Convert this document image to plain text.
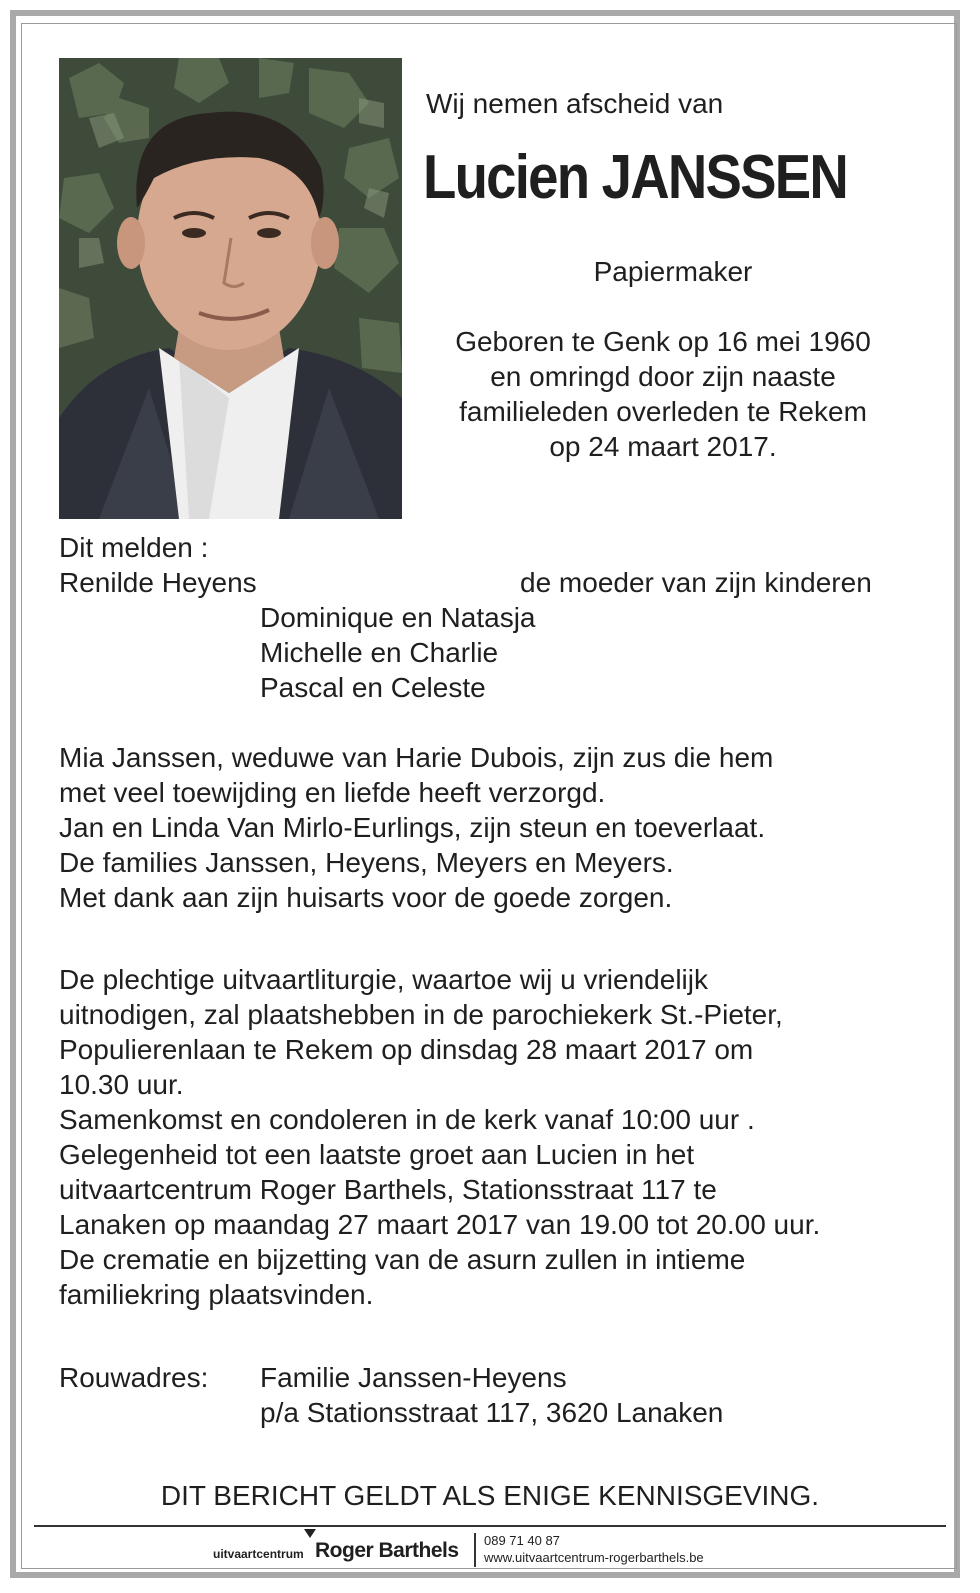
Wij nemen afscheid van
Lucien JANSSEN
Papiermaker
Geboren te Genk op 16 mei 1960
en omringd door zijn naaste
familieleden overleden te Rekem
op 24 maart 2017.
Dit melden :
Renilde Heyens	de moeder van zijn kinderen
Dominique en Natasja
Michelle en Charlie
Pascal en Celeste
Mia Janssen, weduwe van Harie Dubois, zijn zus die hem
met veel toewijding en liefde heeft verzorgd.
Jan en Linda Van Mirlo-Eurlings, zijn steun en toeverlaat.
De families Janssen, Heyens, Meyers en Meyers.
Met dank aan zijn huisarts voor de goede zorgen.
De plechtige uitvaartliturgie, waartoe wij u vriendelijk
uitnodigen, zal plaatshebben in de parochiekerk St.-Pieter,
Populierenlaan te Rekem op dinsdag 28 maart 2017 om
10.30 uur.
Samenkomst en condoleren in de kerk vanaf 10:00 uur .
Gelegenheid tot een laatste groet aan Lucien in het
uitvaartcentrum Roger Barthels, Stationsstraat 117 te
Lanaken op maandag 27 maart 2017 van 19.00 tot 20.00 uur.
De crematie en bijzetting van de asurn zullen in intieme
familiekring plaatsvinden.
Rouwadres: Familie Janssen-Heyens
p/a Stationsstraat 117, 3620 Lanaken
DIT BERICHT GELDT ALS ENIGE KENNISGEVING.
uitvaartcentrum Roger Barthels 089 71 40 87
www.uitvaartcentrum-rogerbarthels.be
